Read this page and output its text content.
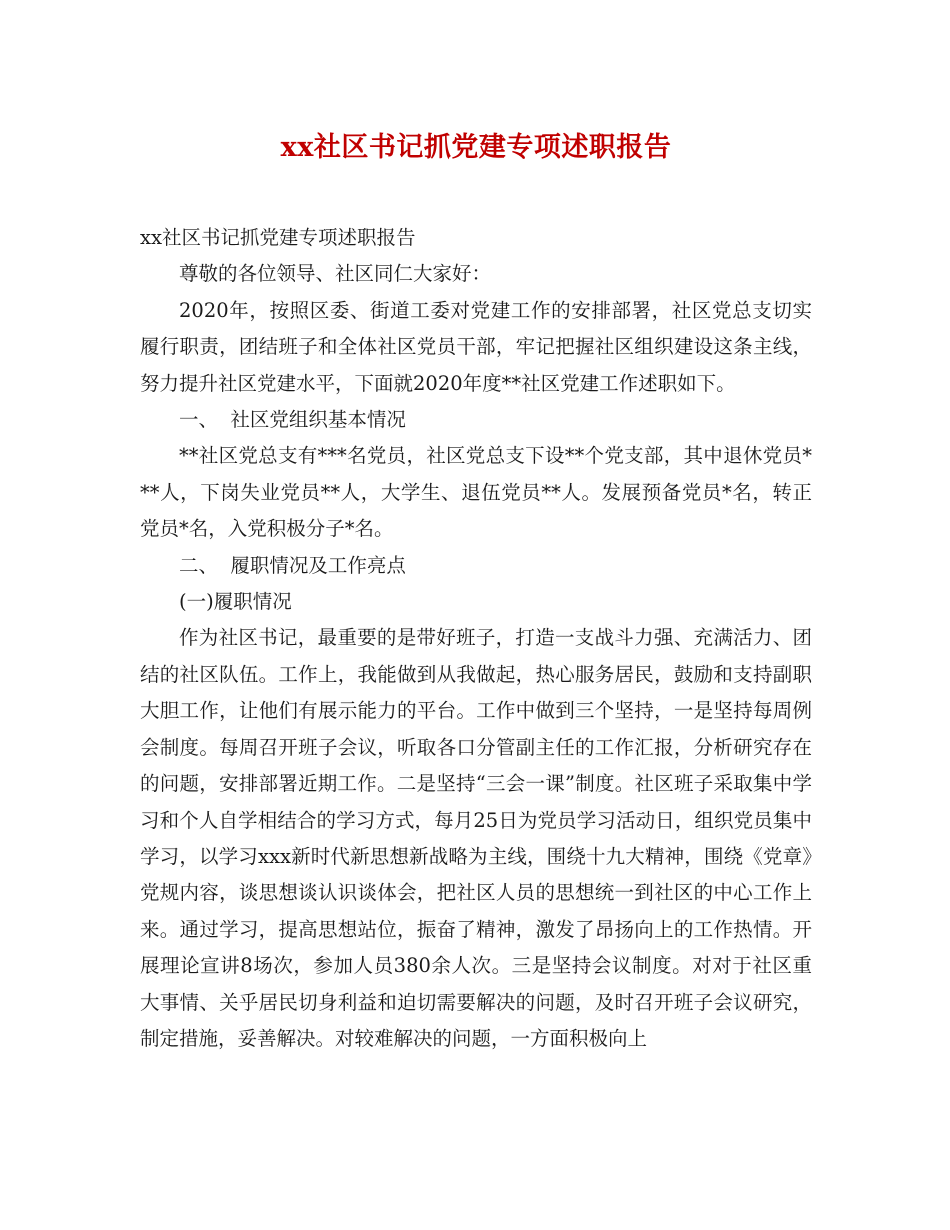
xx社区书记抓党建专项述职报告

xx社区书记抓党建专项述职报告

尊敬的各位领导、社区同仁大家好：

2020年，按照区委、街道工委对党建工作的安排部署，社区党总支切实履行职责，团结班子和全体社区党员干部，牢记把握社区组织建设这条主线，努力提升社区党建水平，下面就2020年度**社区党建工作述职如下。

一、  社区党组织基本情况

**社区党总支有***名党员，社区党总支下设**个党支部，其中退休党员***人，下岗失业党员**人，大学生、退伍党员**人。发展预备党员*名，转正党员*名，入党积极分子*名。

二、  履职情况及工作亮点

(一)履职情况

作为社区书记，最重要的是带好班子，打造一支战斗力强、充满活力、团结的社区队伍。工作上，我能做到从我做起，热心服务居民，鼓励和支持副职大胆工作，让他们有展示能力的平台。工作中做到三个坚持，一是坚持每周例会制度。每周召开班子会议，听取各口分管副主任的工作汇报，分析研究存在的问题，安排部署近期工作。二是坚持“三会一课”制度。社区班子采取集中学习和个人自学相结合的学习方式，每月25日为党员学习活动日，组织党员集中学习，以学习xxx新时代新思想新战略为主线，围绕十九大精神，围绕《党章》党规内容，谈思想谈认识谈体会，把社区人员的思想统一到社区的中心工作上来。通过学习，提高思想站位，振奋了精神，激发了昂扬向上的工作热情。开展理论宣讲8场次，参加人员380余人次。三是坚持会议制度。对对于社区重大事情、关乎居民切身利益和迫切需要解决的问题，及时召开班子会议研究，制定措施，妥善解决。对较难解决的问题，一方面积极向上
